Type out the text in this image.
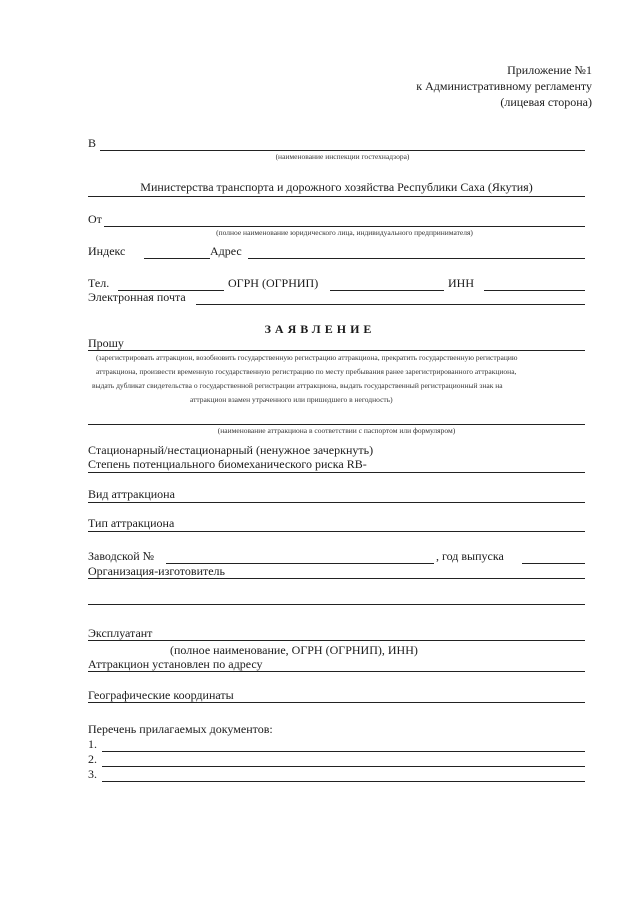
Приложение №1
к Административному регламенту
(лицевая сторона)
В
(наименование инспекции гостехнадзора)
Министерства транспорта и дорожного хозяйства Республики Саха (Якутия)
От
(полное наименование юридического лица, индивидуального предпринимателя)
Индекс	Адрес
Тел.	ОГРН (ОГРНИП)	ИНН
Электронная почта
ЗАЯВЛЕНИЕ
Прошу
(зарегистрировать аттракцион, возобновить государственную регистрацию аттракциона, прекратить государственную регистрацию
аттракциона, произвести временную государственную регистрацию по месту пребывания ранее зарегистрированного аттракциона,
выдать дубликат свидетельства о государственной регистрации аттракциона, выдать государственный регистрационный знак на
аттракцион взамен утраченного или пришедшего в негодность)
(наименование аттракциона в соответствии с паспортом или формуляром)
Стационарный/нестационарный (ненужное зачеркнуть)
Степень потенциального биомеханического риска RB-
Вид аттракциона
Тип аттракциона
Заводской №	, год выпуска
Организация-изготовитель
Эксплуатант
(полное наименование, ОГРН (ОГРНИП), ИНН)
Аттракцион установлен по адресу
Географические координаты
Перечень прилагаемых документов:
1.
2.
3.
